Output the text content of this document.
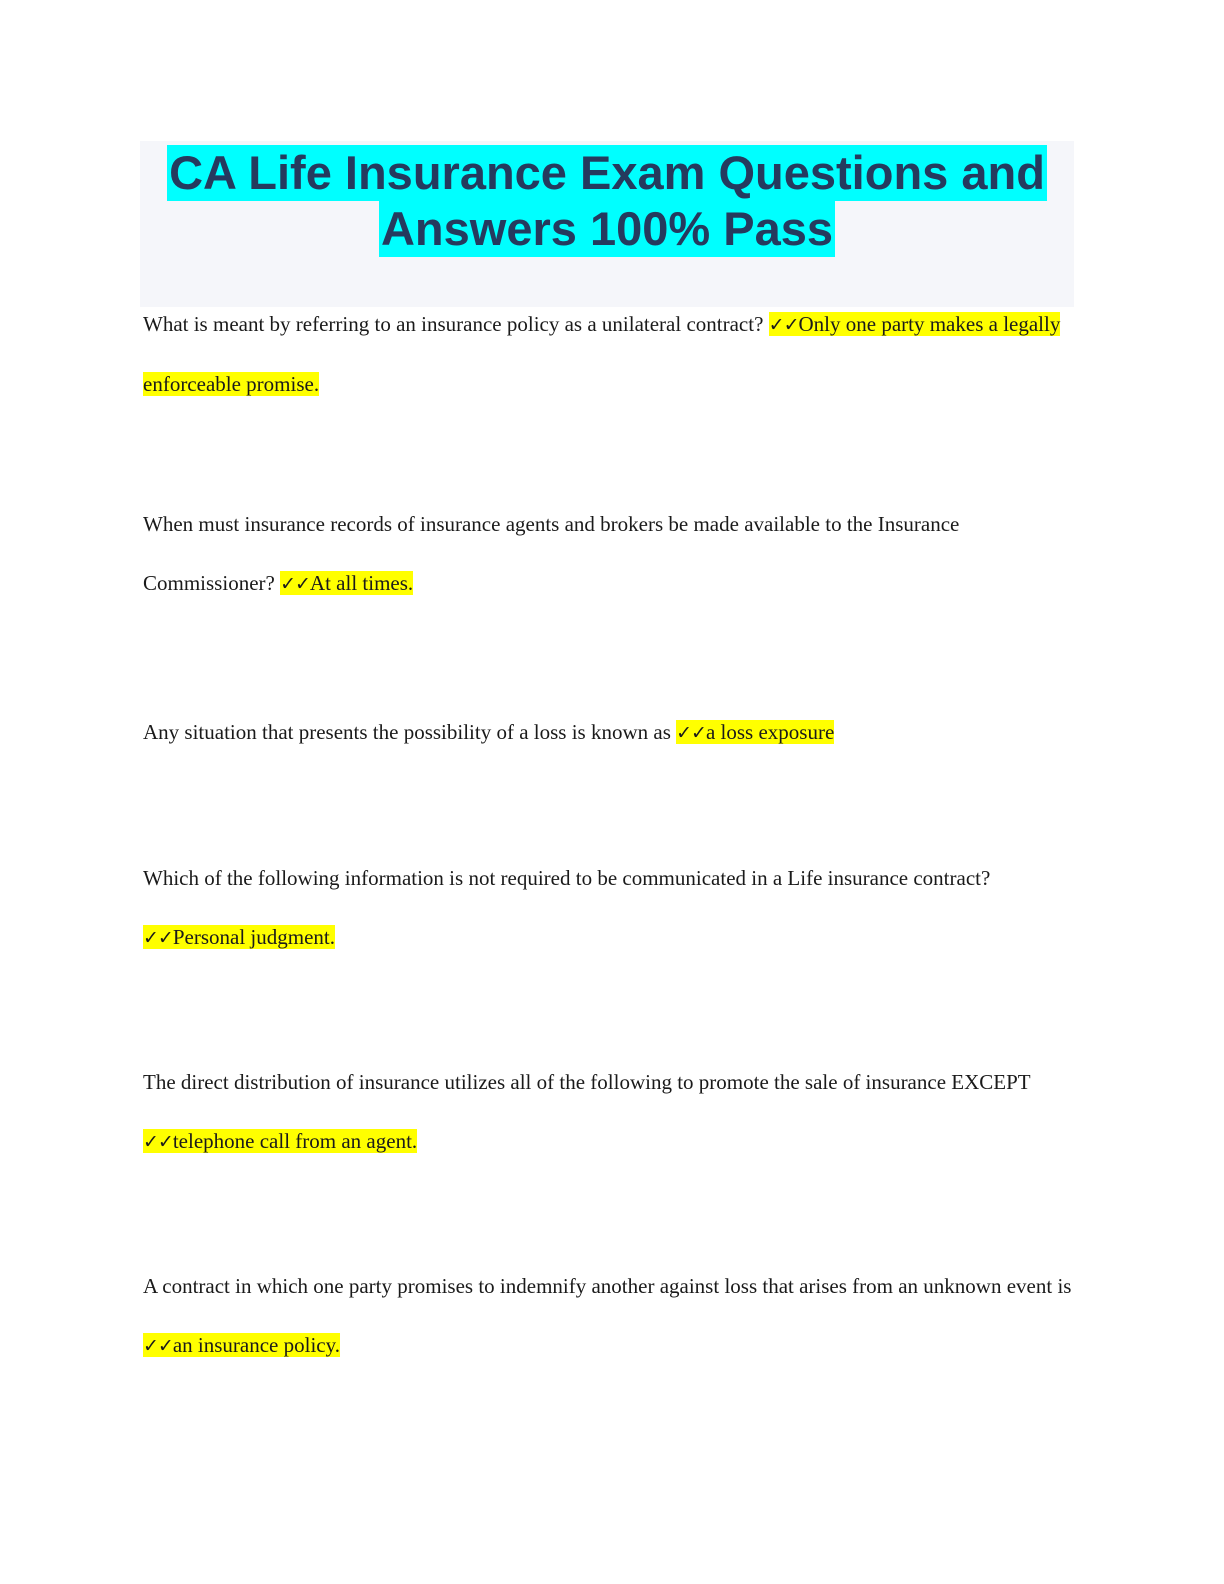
CA Life Insurance Exam Questions and
Answers 100% Pass
What is meant by referring to an insurance policy as a unilateral contract? ✓✓Only one party makes a legally enforceable promise.
When must insurance records of insurance agents and brokers be made available to the Insurance Commissioner? ✓✓At all times.
Any situation that presents the possibility of a loss is known as ✓✓a loss exposure
Which of the following information is not required to be communicated in a Life insurance contract? ✓✓Personal judgment.
The direct distribution of insurance utilizes all of the following to promote the sale of insurance EXCEPT ✓✓telephone call from an agent.
A contract in which one party promises to indemnify another against loss that arises from an unknown event is ✓✓an insurance policy.
